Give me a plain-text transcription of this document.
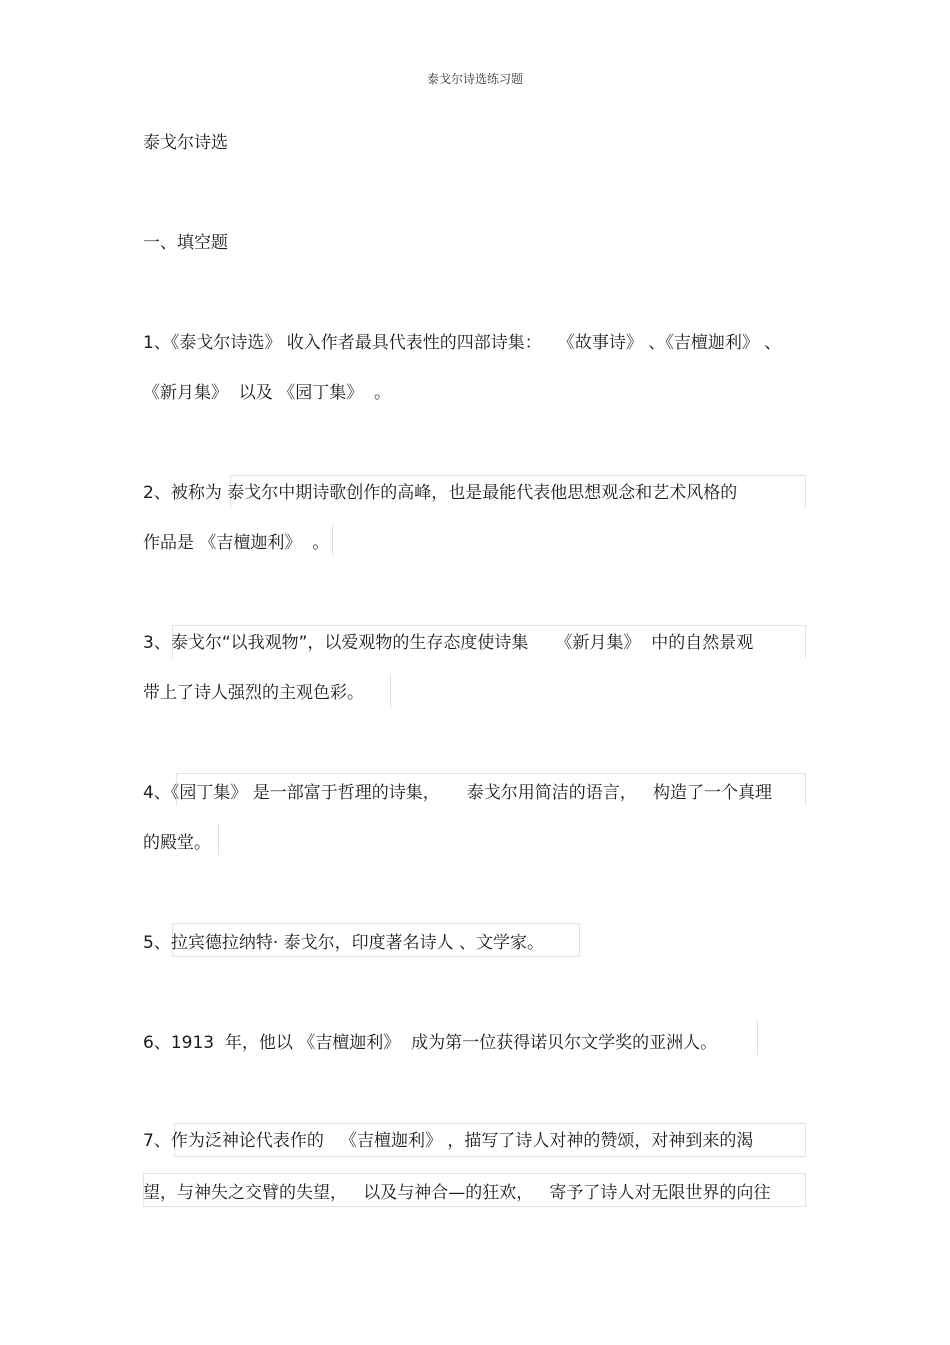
泰戈尔诗选练习题
泰戈尔诗选
一、填空题
1、《泰戈尔诗选》 收入作者最具代表性的四部诗集：   《故事诗》 、《吉檀迦利》 、
《新月集》  以及 《园丁集》  。
2、被称为 泰戈尔中期诗歌创作的高峰，也是最能代表他思想观念和艺术风格的
作品是 《吉檀迦利》  。
3、泰戈尔“以我观物”，以爱观物的生存态度使诗集     《新月集》  中的自然景观
带上了诗人强烈的主观色彩。
4、《园丁集》 是一部富于哲理的诗集，     泰戈尔用简洁的语言，   构造了一个真理
的殿堂。
5、拉宾德拉纳特· 泰戈尔，印度著名诗人 、文学家。
6、1913  年，他以 《吉檀迦利》  成为第一位获得诺贝尔文学奖的亚洲人。
7、作为泛神论代表作的   《吉檀迦利》 ，描写了诗人对神的赞颂，对神到来的渴
望，与神失之交臂的失望，   以及与神合—的狂欢，   寄予了诗人对无限世界的向往
